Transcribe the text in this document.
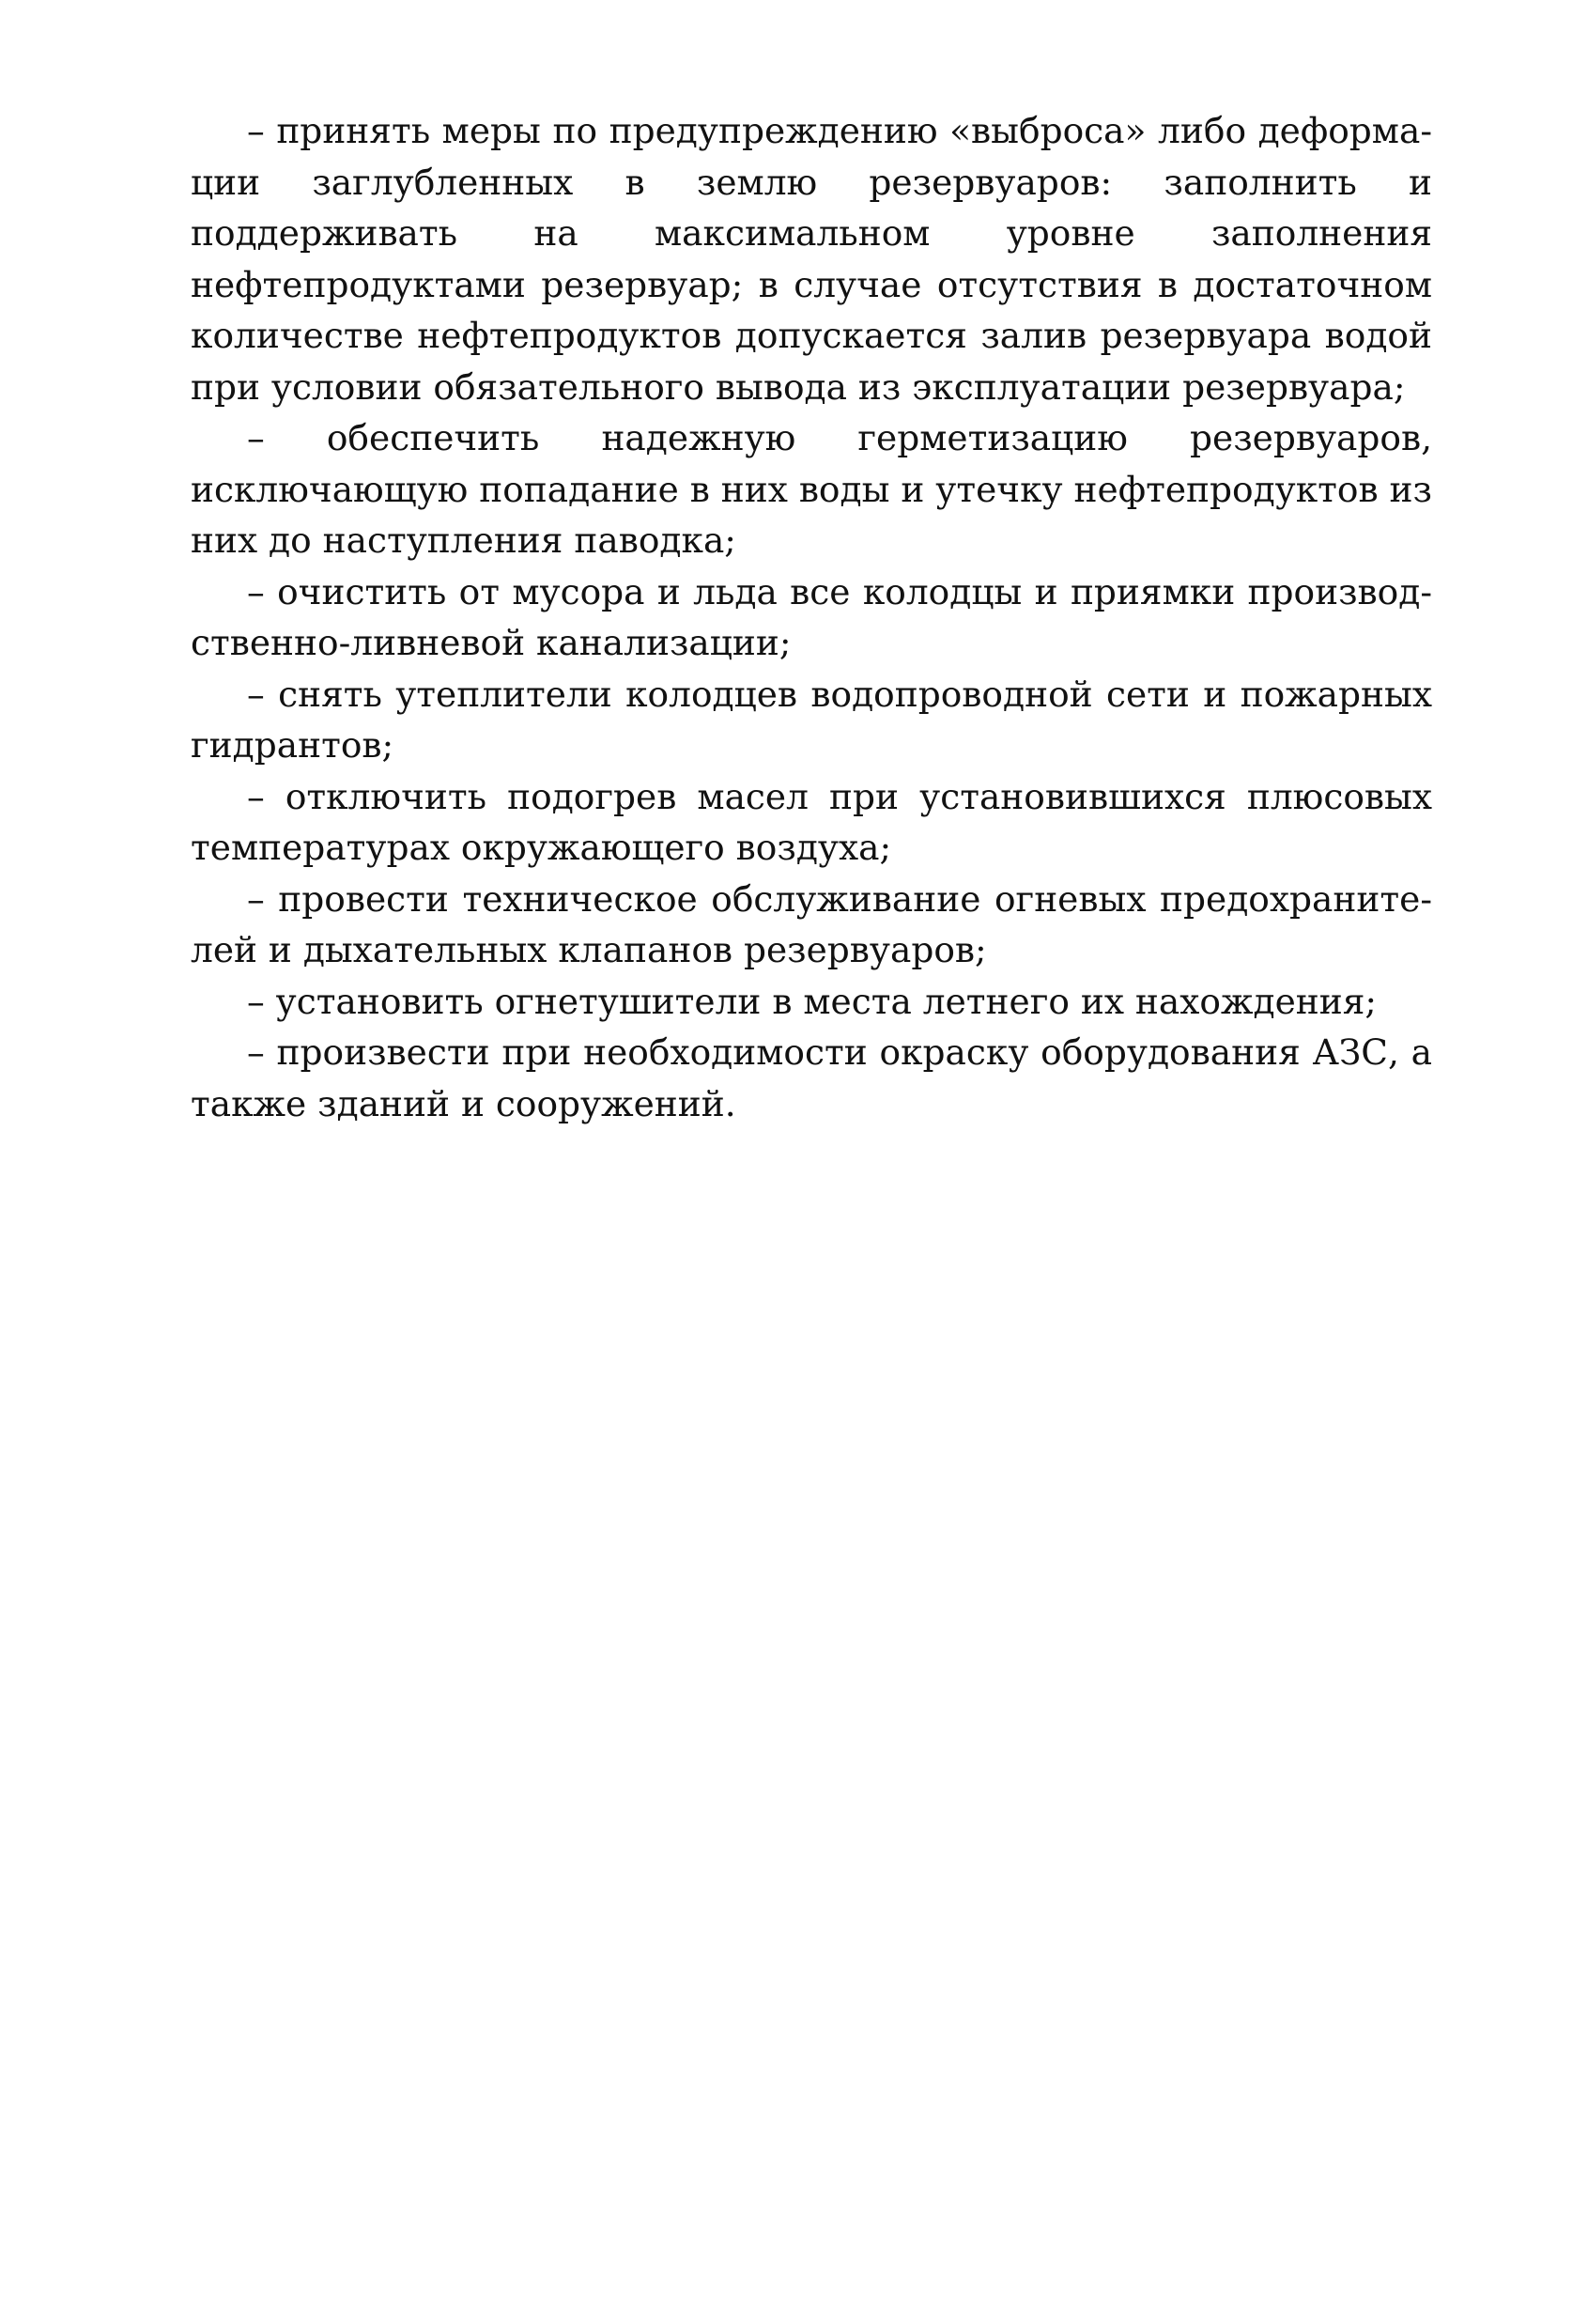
– принять меры по предупреждению «выброса» либо деформации заглубленных в землю резервуаров: заполнить и поддерживать на максимальном уровне заполнения нефтепродуктами резервуар; в случае отсутствия в достаточном количестве нефтепродуктов допускается залив резервуара водой при условии обязательного вывода из эксплуатации резервуара;

– обеспечить надежную герметизацию резервуаров, исключающую попадание в них воды и утечку нефтепродуктов из них до наступления паводка;

– очистить от мусора и льда все колодцы и приямки производственно-ливневой канализации;

– снять утеплители колодцев водопроводной сети и пожарных гидрантов;

– отключить подогрев масел при установившихся плюсовых температурах окружающего воздуха;

– провести техническое обслуживание огневых предохранителей и дыхательных клапанов резервуаров;

– установить огнетушители в места летнего их нахождения;

– произвести при необходимости окраску оборудования АЗС, а также зданий и сооружений.
